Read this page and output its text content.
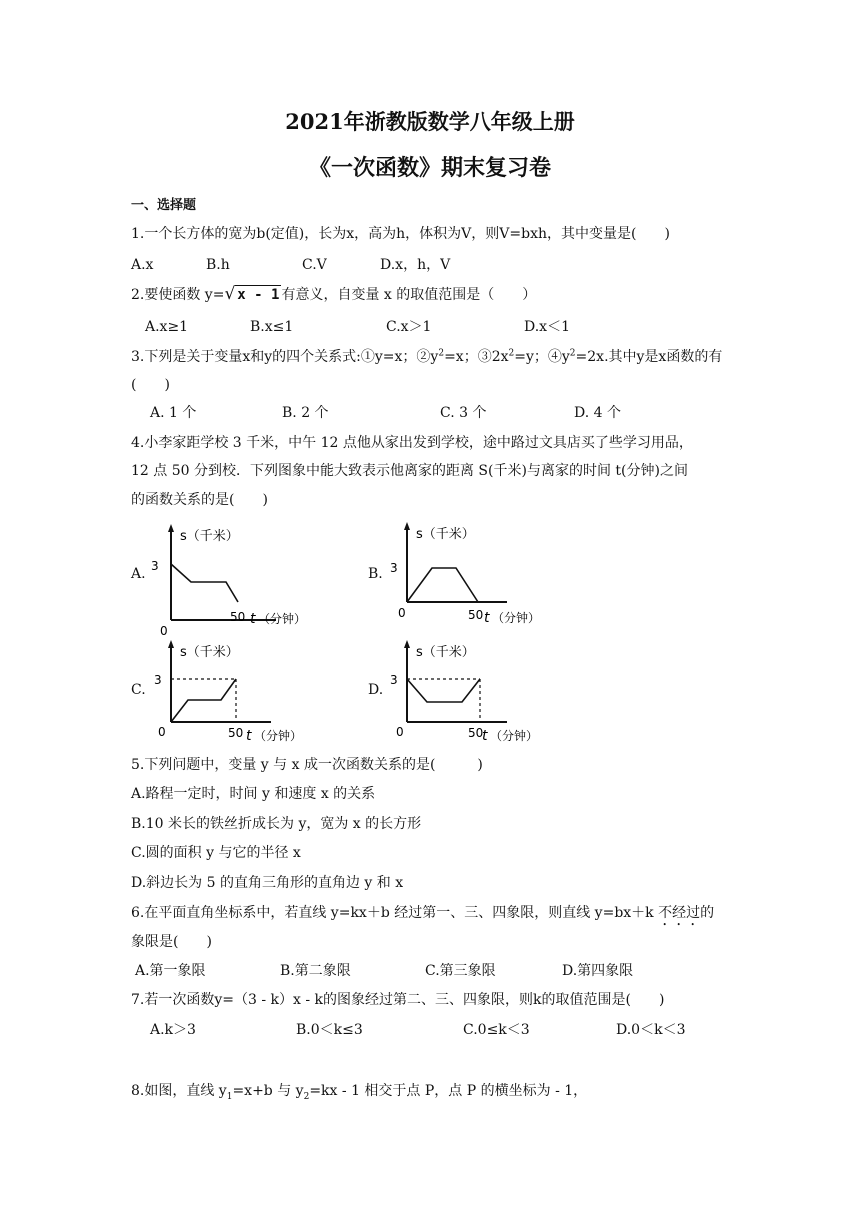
2021年浙教版数学八年级上册
《一次函数》期末复习卷
一、选择题
1.一个长方体的宽为b(定值)，长为x，高为h，体积为V，则V=bxh，其中变量是(　　)
A.x	B.h	C.V	D.x，h，V
2.要使函数 y=√ x - 1 有意义，自变量 x 的取值范围是（　　）
A.x≥1	B.x≤1	C.x＞1	D.x＜1
3.下列是关于变量x和y的四个关系式:①y=x；$②y^2=x$；$③2x^2=y$；$④y^2=2x$.其中y是x函数的有
(　　)
A. 1 个	B. 2 个	C. 3 个	D. 4 个
4.小李家距学校 3 千米，中午 12 点他从家出发到学校，途中路过文具店买了些学习用品，
12 点 50 分到校．下列图象中能大致表示他离家的距离 S(千米)与离家的时间 t(分钟)之间
的函数关系的是(　　)
A.	B.
C.	D.
s（千米）
3
0
50 t （分钟）
s（千米）
3
0	50 t （分钟）
s（千米）
3
0	50 t （分钟）
s（千米）
3
0	50
t （分钟）
5.下列问题中，变量 y 与 x 成一次函数关系的是(　　　)
A.路程一定时，时间 y 和速度 x 的关系
B.10 米长的铁丝折成长为 y，宽为 x 的长方形
C.圆的面积 y 与它的半径 x
D.斜边长为 5 的直角三角形的直角边 y 和 x
6.在平面直角坐标系中，若直线 y=kx＋b 经过第一、三、四象限，则直线 y=bx＋k 不经过的
象限是(　　)
A.第一象限	B.第二象限	C.第三象限	D.第四象限
7.若一次函数y=（3 - k）x - k的图象经过第二、三、四象限，则k的取值范围是(　　)
A.k＞3	B.0＜k≤3	C.0≤k＜3	D.0＜k＜3
8.如图，直线 $y_1=x+b$ 与 $y_2=kx - 1$ 相交于点 P，点 P 的横坐标为 - 1，
